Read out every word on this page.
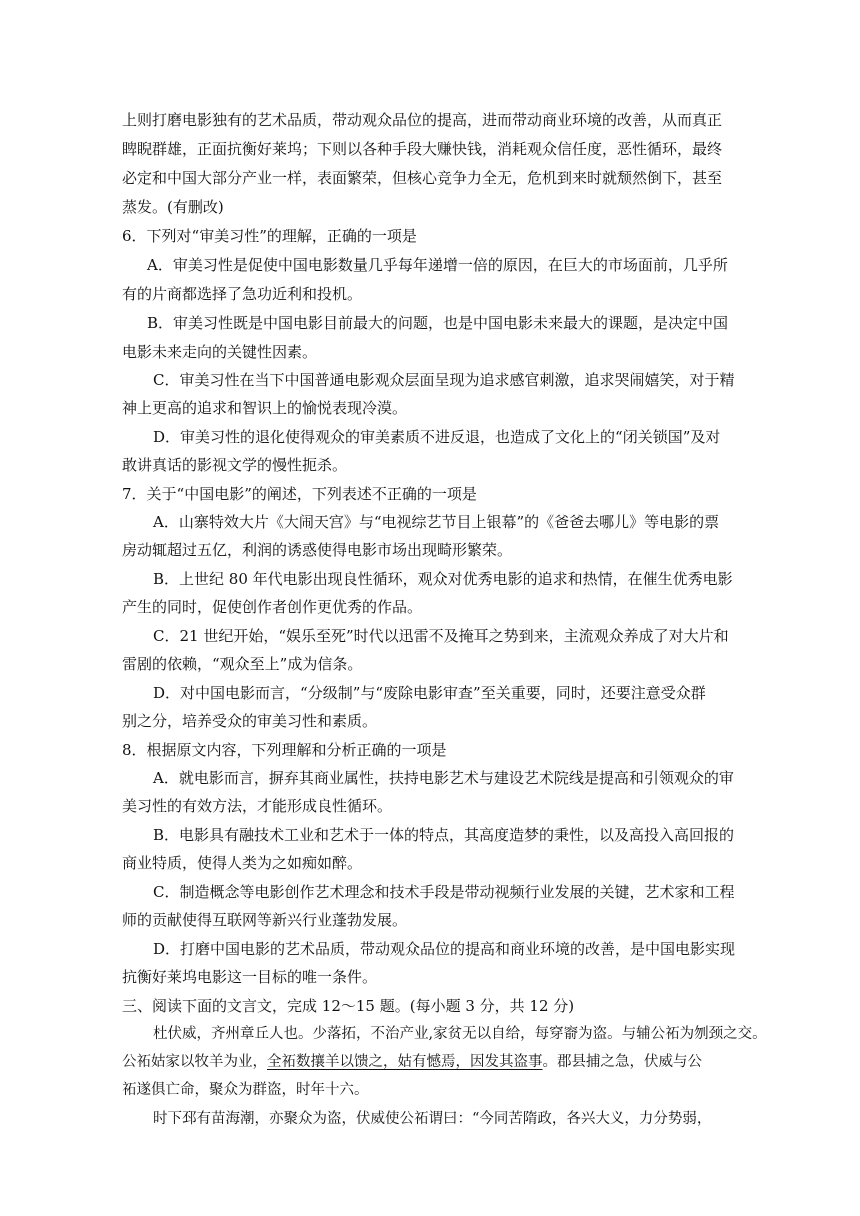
上则打磨电影独有的艺术品质，带动观众品位的提高，进而带动商业环境的改善，从而真正
睥睨群雄，正面抗衡好莱坞；下则以各种手段大赚快钱，消耗观众信任度，恶性循环，最终
必定和中国大部分产业一样，表面繁荣，但核心竞争力全无，危机到来时就颓然倒下，甚至
蒸发。(有删改)
6．下列对“审美习性”的理解，正确的一项是
A．审美习性是促使中国电影数量几乎每年递增一倍的原因，在巨大的市场面前，几乎所
有的片商都选择了急功近利和投机。
B．审美习性既是中国电影目前最大的问题，也是中国电影未来最大的课题，是决定中国
电影未来走向的关键性因素。
C．审美习性在当下中国普通电影观众层面呈现为追求感官刺激，追求哭闹嬉笑，对于精
神上更高的追求和智识上的愉悦表现冷漠。
D．审美习性的退化使得观众的审美素质不进反退，也造成了文化上的“闭关锁国”及对
敢讲真话的影视文学的慢性扼杀。
7．关于“中国电影”的阐述，下列表述不正确的一项是
A．山寨特效大片《大闹天宫》与“电视综艺节目上银幕”的《爸爸去哪儿》等电影的票
房动辄超过五亿，利润的诱惑使得电影市场出现畸形繁荣。
B．上世纪 80 年代电影出现良性循环，观众对优秀电影的追求和热情，在催生优秀电影
产生的同时，促使创作者创作更优秀的作品。
C．21 世纪开始，“娱乐至死”时代以迅雷不及掩耳之势到来，主流观众养成了对大片和
雷剧的依赖，“观众至上”成为信条。
D．对中国电影而言，“分级制”与“废除电影审查”至关重要，同时，还要注意受众群
别之分，培养受众的审美习性和素质。
8．根据原文内容，下列理解和分析正确的一项是
A．就电影而言，摒弃其商业属性，扶持电影艺术与建设艺术院线是提高和引领观众的审
美习性的有效方法，才能形成良性循环。
B．电影具有融技术工业和艺术于一体的特点，其高度造梦的秉性，以及高投入高回报的
商业特质，使得人类为之如痴如醉。
C．制造概念等电影创作艺术理念和技术手段是带动视频行业发展的关键，艺术家和工程
师的贡献使得互联网等新兴行业蓬勃发展。
D．打磨中国电影的艺术品质，带动观众品位的提高和商业环境的改善，是中国电影实现
抗衡好莱坞电影这一目标的唯一条件。
三、阅读下面的文言文，完成 12～15 题。(每小题 3 分，共 12 分)
杜伏威，齐州章丘人也。少落拓，不治产业,家贫无以自给，每穿窬为盗。与辅公祏为刎颈之交。
公祏姑家以牧羊为业，全祏数攘羊以馈之，姑有憾焉，因发其盗事。郡县捕之急，伏威与公
祏遂俱亡命，聚众为群盗，时年十六。
时下邳有苗海潮，亦聚众为盗，伏威使公祏谓曰：“今同苦隋政，各兴大义，力分势弱，
